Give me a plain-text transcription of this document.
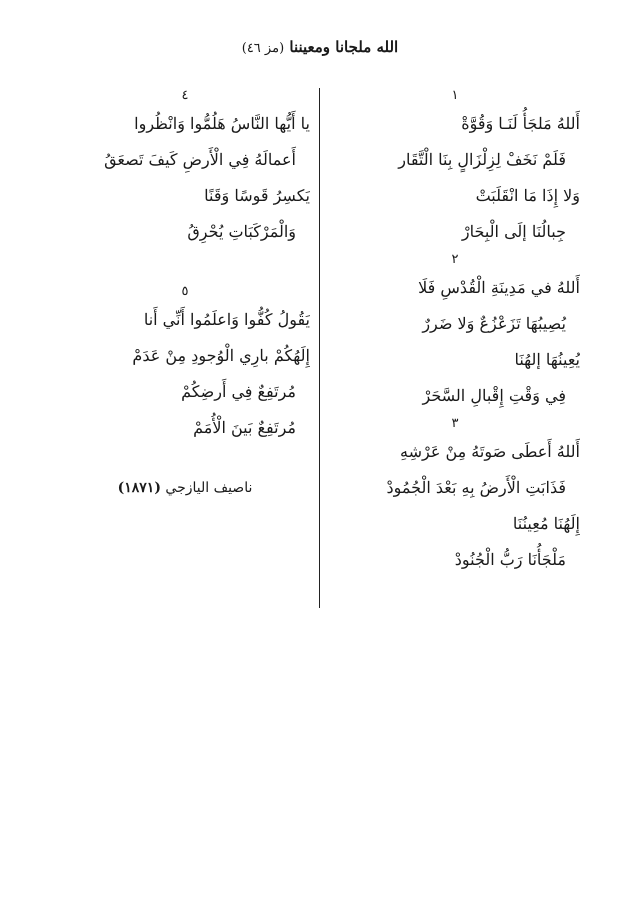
الله ملجانا ومعيننا (مز ٤٦)
١
أَللهُ مَلجَأُ لَنَـا وَقُوَّةْ
فَلَمْ نَخَفْ لِزِلْزَالٍ بِنَا الْتَّقَار
وَلا إِذَا مَا انْقَلَبَتْ
جِبالُنَا إلَى الْبِحَارْ
٢
أَللهُ في مَدِينَةِ الْقُدْسِ فَلَا
يُصِيبُهَا تَزَعْزُعٌ وَلا ضَررٌ
يُعِينُهَا إلهُنَا
فِي وَقْتِ إِقْبالِ السَّحَرْ
٣
أَللهُ أَعطَى صَوتَهُ مِنْ عَرْشِهِ
فَذَابَتِ الْأَرضُ بِهِ بَعْدَ الْجُمُودْ
إِلَهُنَا مُعِينُنَا
مَلْجَأُنَا رَبُّ الْجُنُودْ
٤
يا أَيُّها النَّاسُ هَلُمُّوا وَانْظُروا
أَعمالَهُ فِي الْأَرضِ كَيفَ تَصعَقُ
يَكسِرُ قَوسًا وَقَنًا
وَالْمَرْكَبَاتِ يُحْرِقُ
٥
يَقُولُ كُفُّوا وَاعلَمُوا أَنِّي أَنا
إِلَهُكُمْ بارِي الْوُجودِ مِنْ عَدَمْ
مُرتَفِعٌ فِي أَرضِكُمْ
مُرتَفِعٌ بَينَ الْأُمَمْ
ناصيف اليازجي (١٨٧١)
